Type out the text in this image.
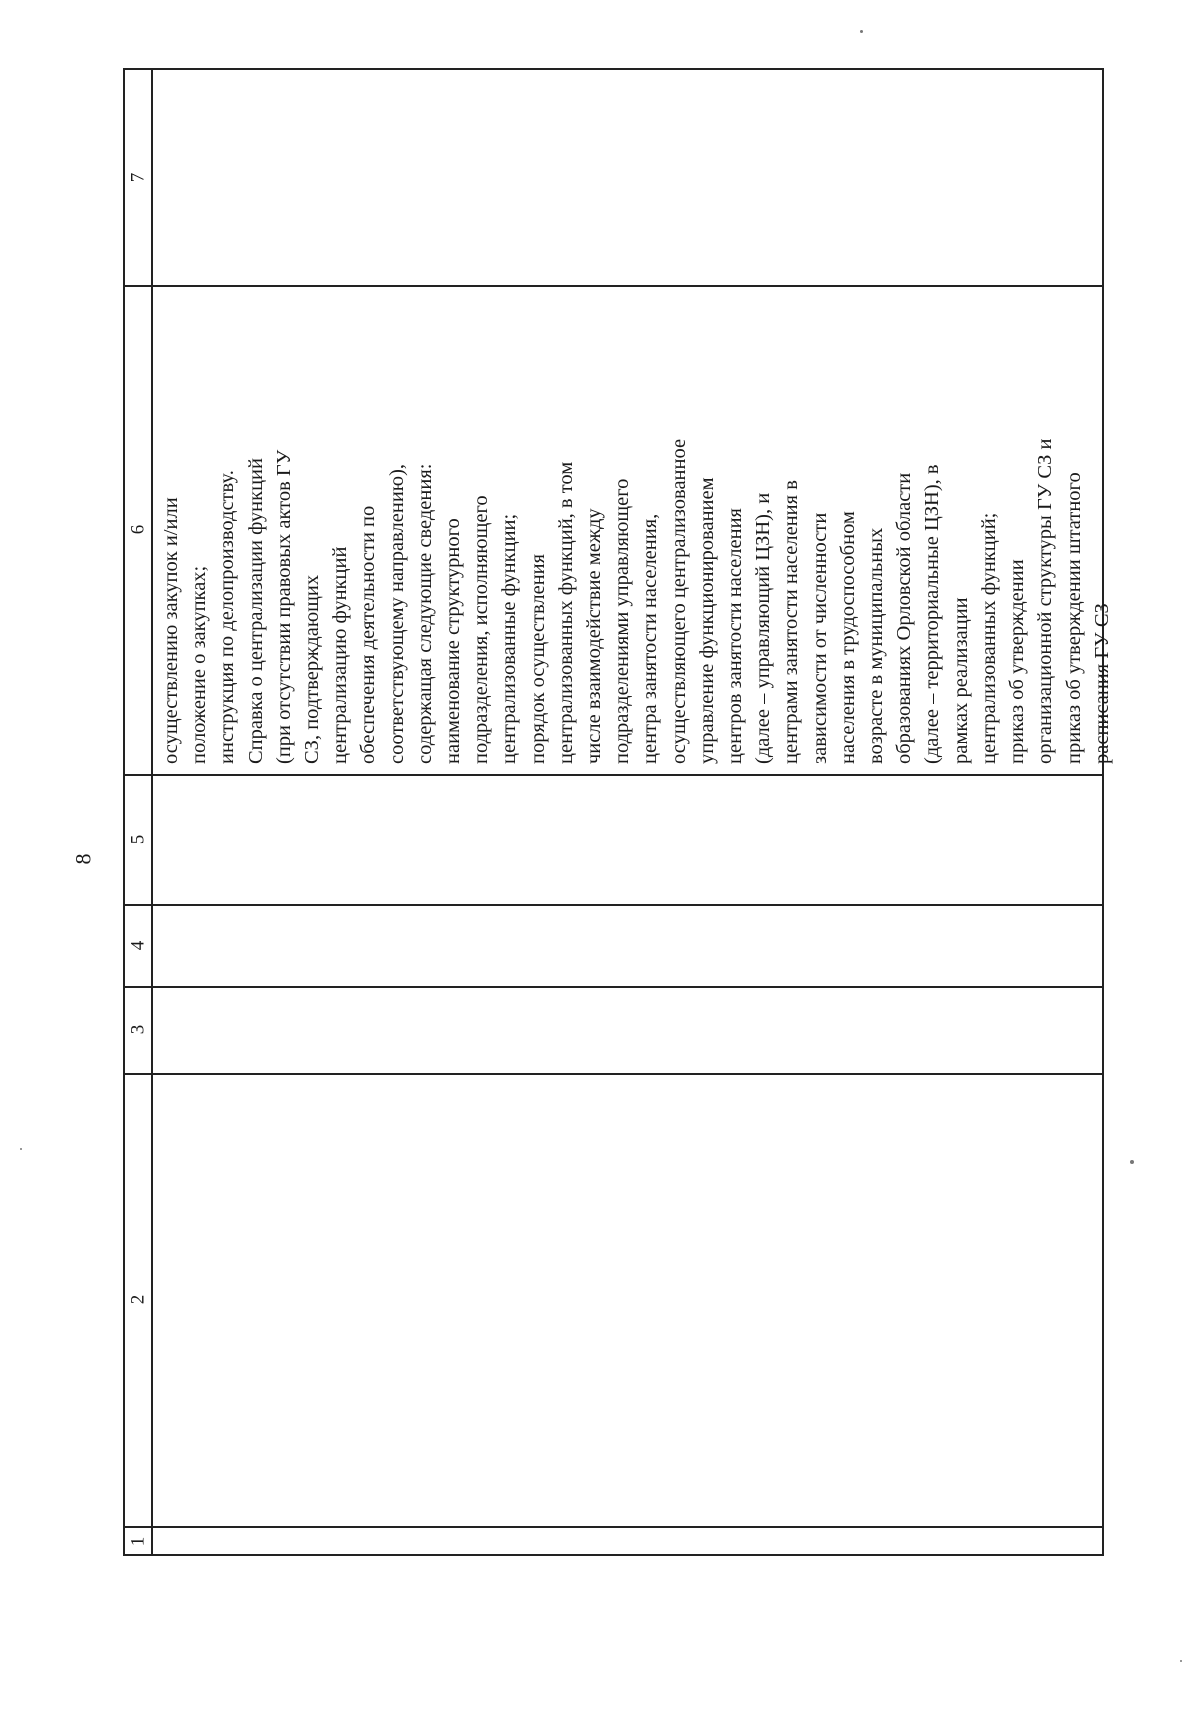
8
7
6
5
4
3
2
1
осуществлению закупок и/или положение о закупках; инструкция по делопроизводству. Справка о централизации функций (при отсутствии правовых актов ГУ СЗ, подтверждающих централизацию функций обеспечения деятельности по соответствующему направлению), содержащая следующие сведения: наименование структурного подразделения, исполняющего централизованные функции; порядок осуществления централизованных функций, в том числе взаимодействие между подразделениями управляющего центра занятости населения, осуществляющего централизованное управление функционированием центров занятости населения (далее – управляющий ЦЗН), и центрами занятости населения в зависимости от численности населения в трудоспособном возрасте в муниципальных образованиях Орловской области (далее – территориальные ЦЗН), в рамках реализации централизованных функций; приказ об утверждении организационной структуры ГУ СЗ и приказ об утверждении штатного расписания ГУ СЗ
